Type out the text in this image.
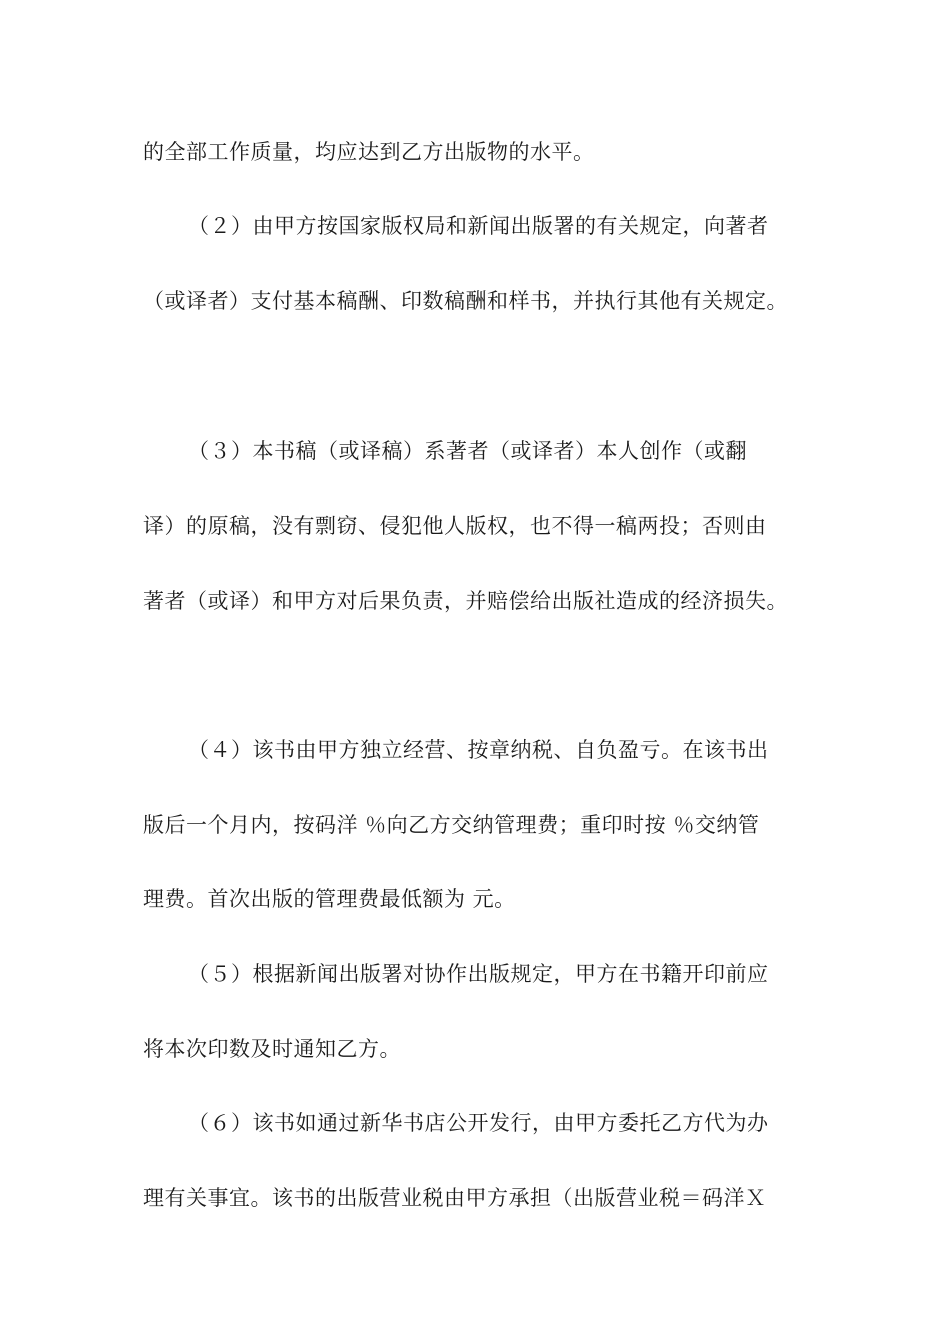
的全部工作质量，均应达到乙方出版物的水平。
（２）由甲方按国家版权局和新闻出版署的有关规定，向著者
（或译者）支付基本稿酬、印数稿酬和样书，并执行其他有关规定。
（３）本书稿（或译稿）系著者（或译者）本人创作（或翻
译）的原稿，没有剽窃、侵犯他人版权，也不得一稿两投；否则由
著者（或译）和甲方对后果负责，并赔偿给出版社造成的经济损失。
（４）该书由甲方独立经营、按章纳税、自负盈亏。在该书出
版后一个月内，按码洋 ％向乙方交纳管理费；重印时按 ％交纳管
理费。首次出版的管理费最低额为 元。
（５）根据新闻出版署对协作出版规定，甲方在书籍开印前应
将本次印数及时通知乙方。
（６）该书如通过新华书店公开发行，由甲方委托乙方代为办
理有关事宜。该书的出版营业税由甲方承担（出版营业税＝码洋Ｘ
